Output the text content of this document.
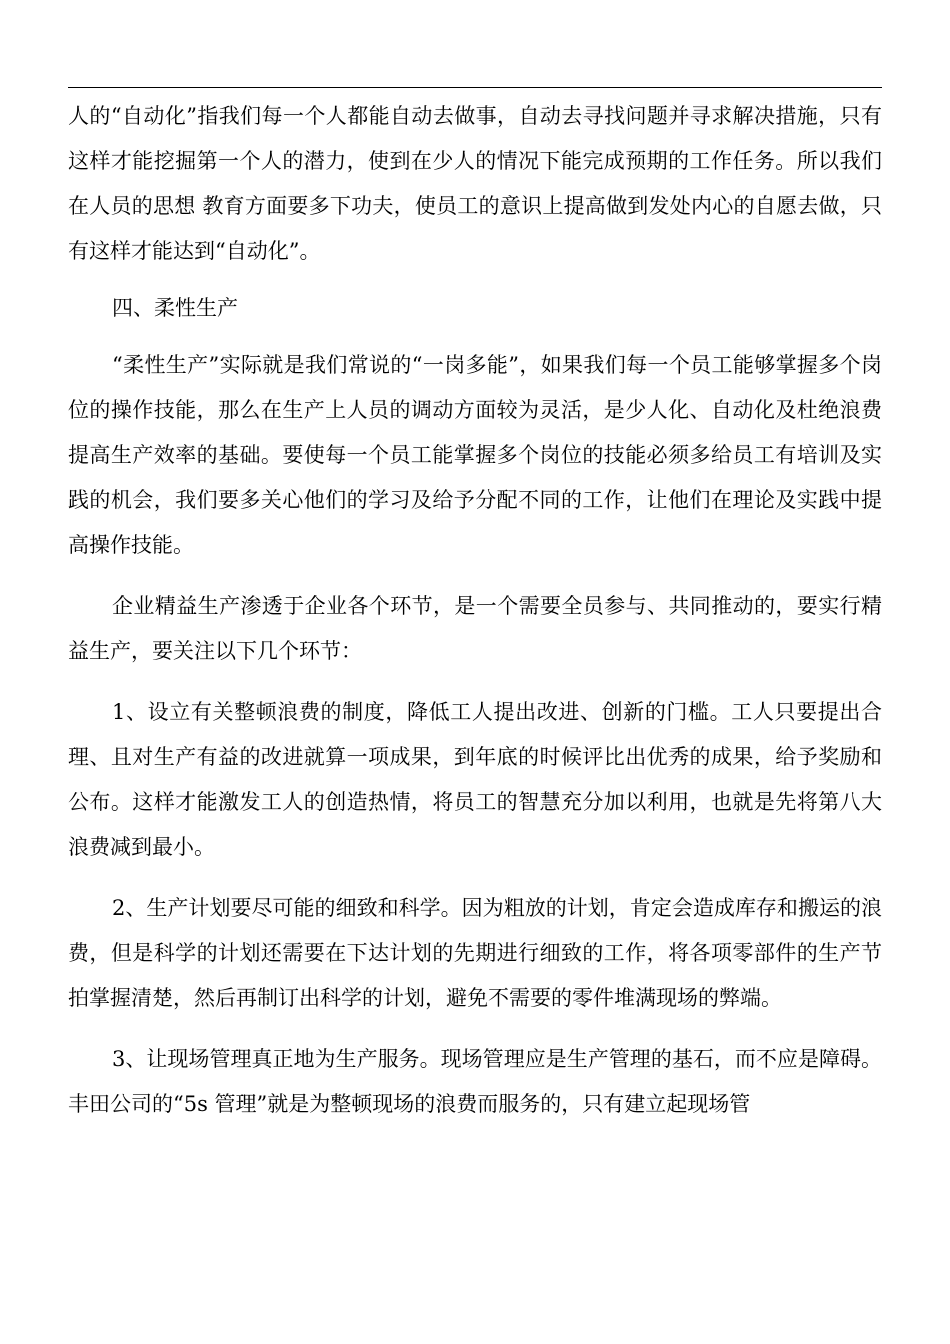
人的“自动化”指我们每一个人都能自动去做事，自动去寻找问题并寻求解决措施，只有这样才能挖掘第一个人的潜力，使到在少人的情况下能完成预期的工作任务。所以我们在人员的思想 教育方面要多下功夫，使员工的意识上提高做到发处内心的自愿去做，只有这样才能达到“自动化”。

四、柔性生产

“柔性生产”实际就是我们常说的“一岗多能”，如果我们每一个员工能够掌握多个岗位的操作技能，那么在生产上人员的调动方面较为灵活，是少人化、自动化及杜绝浪费提高生产效率的基础。要使每一个员工能掌握多个岗位的技能必须多给员工有培训及实践的机会，我们要多关心他们的学习及给予分配不同的工作，让他们在理论及实践中提高操作技能。

企业精益生产渗透于企业各个环节，是一个需要全员参与、共同推动的，要实行精益生产，要关注以下几个环节：

1、设立有关整顿浪费的制度，降低工人提出改进、创新的门槛。工人只要提出合理、且对生产有益的改进就算一项成果，到年底的时候评比出优秀的成果，给予奖励和公布。这样才能激发工人的创造热情，将员工的智慧充分加以利用，也就是先将第八大浪费减到最小。

2、生产计划要尽可能的细致和科学。因为粗放的计划，肯定会造成库存和搬运的浪费，但是科学的计划还需要在下达计划的先期进行细致的工作，将各项零部件的生产节拍掌握清楚，然后再制订出科学的计划，避免不需要的零件堆满现场的弊端。

3、让现场管理真正地为生产服务。现场管理应是生产管理的基石，而不应是障碍。丰田公司的“5s 管理”就是为整顿现场的浪费而服务的，只有建立起现场管
